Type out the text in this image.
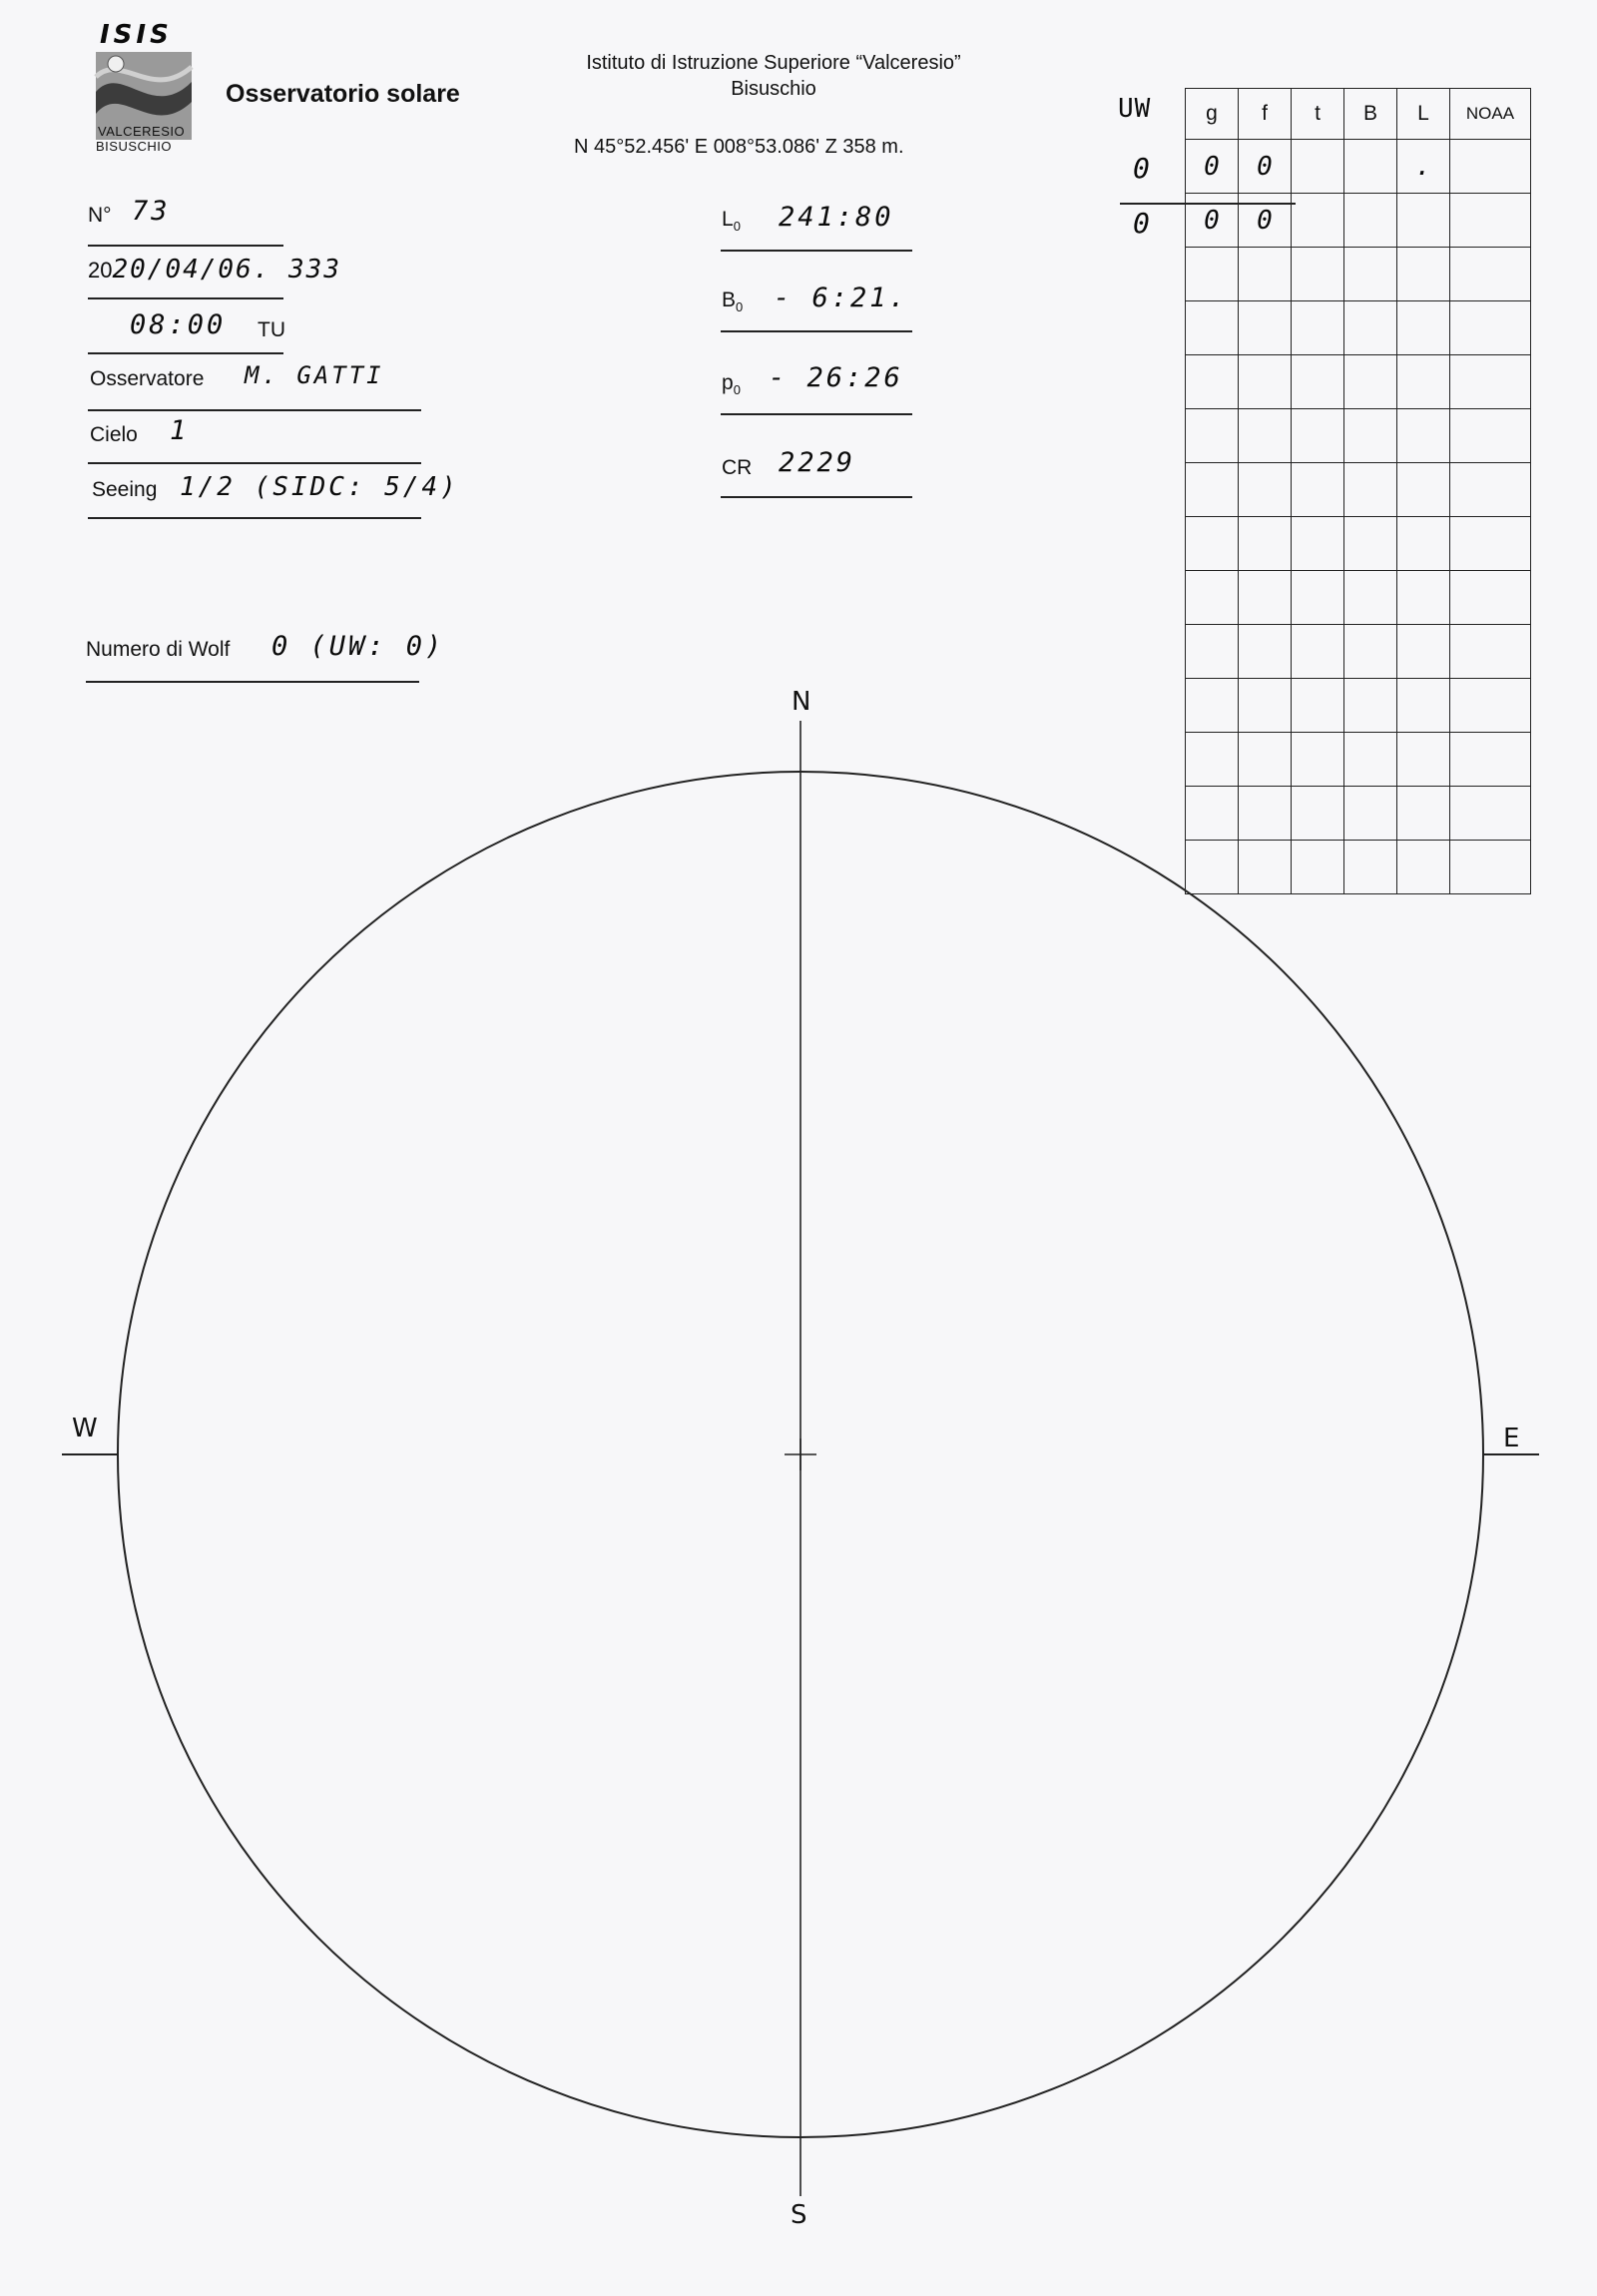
ISIS
VALCERESIO
BISUSCHIO
Osservatorio solare
Istituto di Istruzione Superiore “Valceresio”
Bisuschio
N 45°52.456' E 008°53.086' Z 358 m.
N° 73
2020/04/06. 333
08:00 TU
Osservatore M. GATTI
Cielo 1
Seeing 1/2 (SIDC: 5/4)
Numero di Wolf 0 (UW: 0)
$L_0$ 241:80
$B_0$ - 6:21.
$p_0$ - 26:26
CR 2229
UW
0
0
g	f	t	B	L	NOAA
0	0			.	
0	0				

N
S
W	E
